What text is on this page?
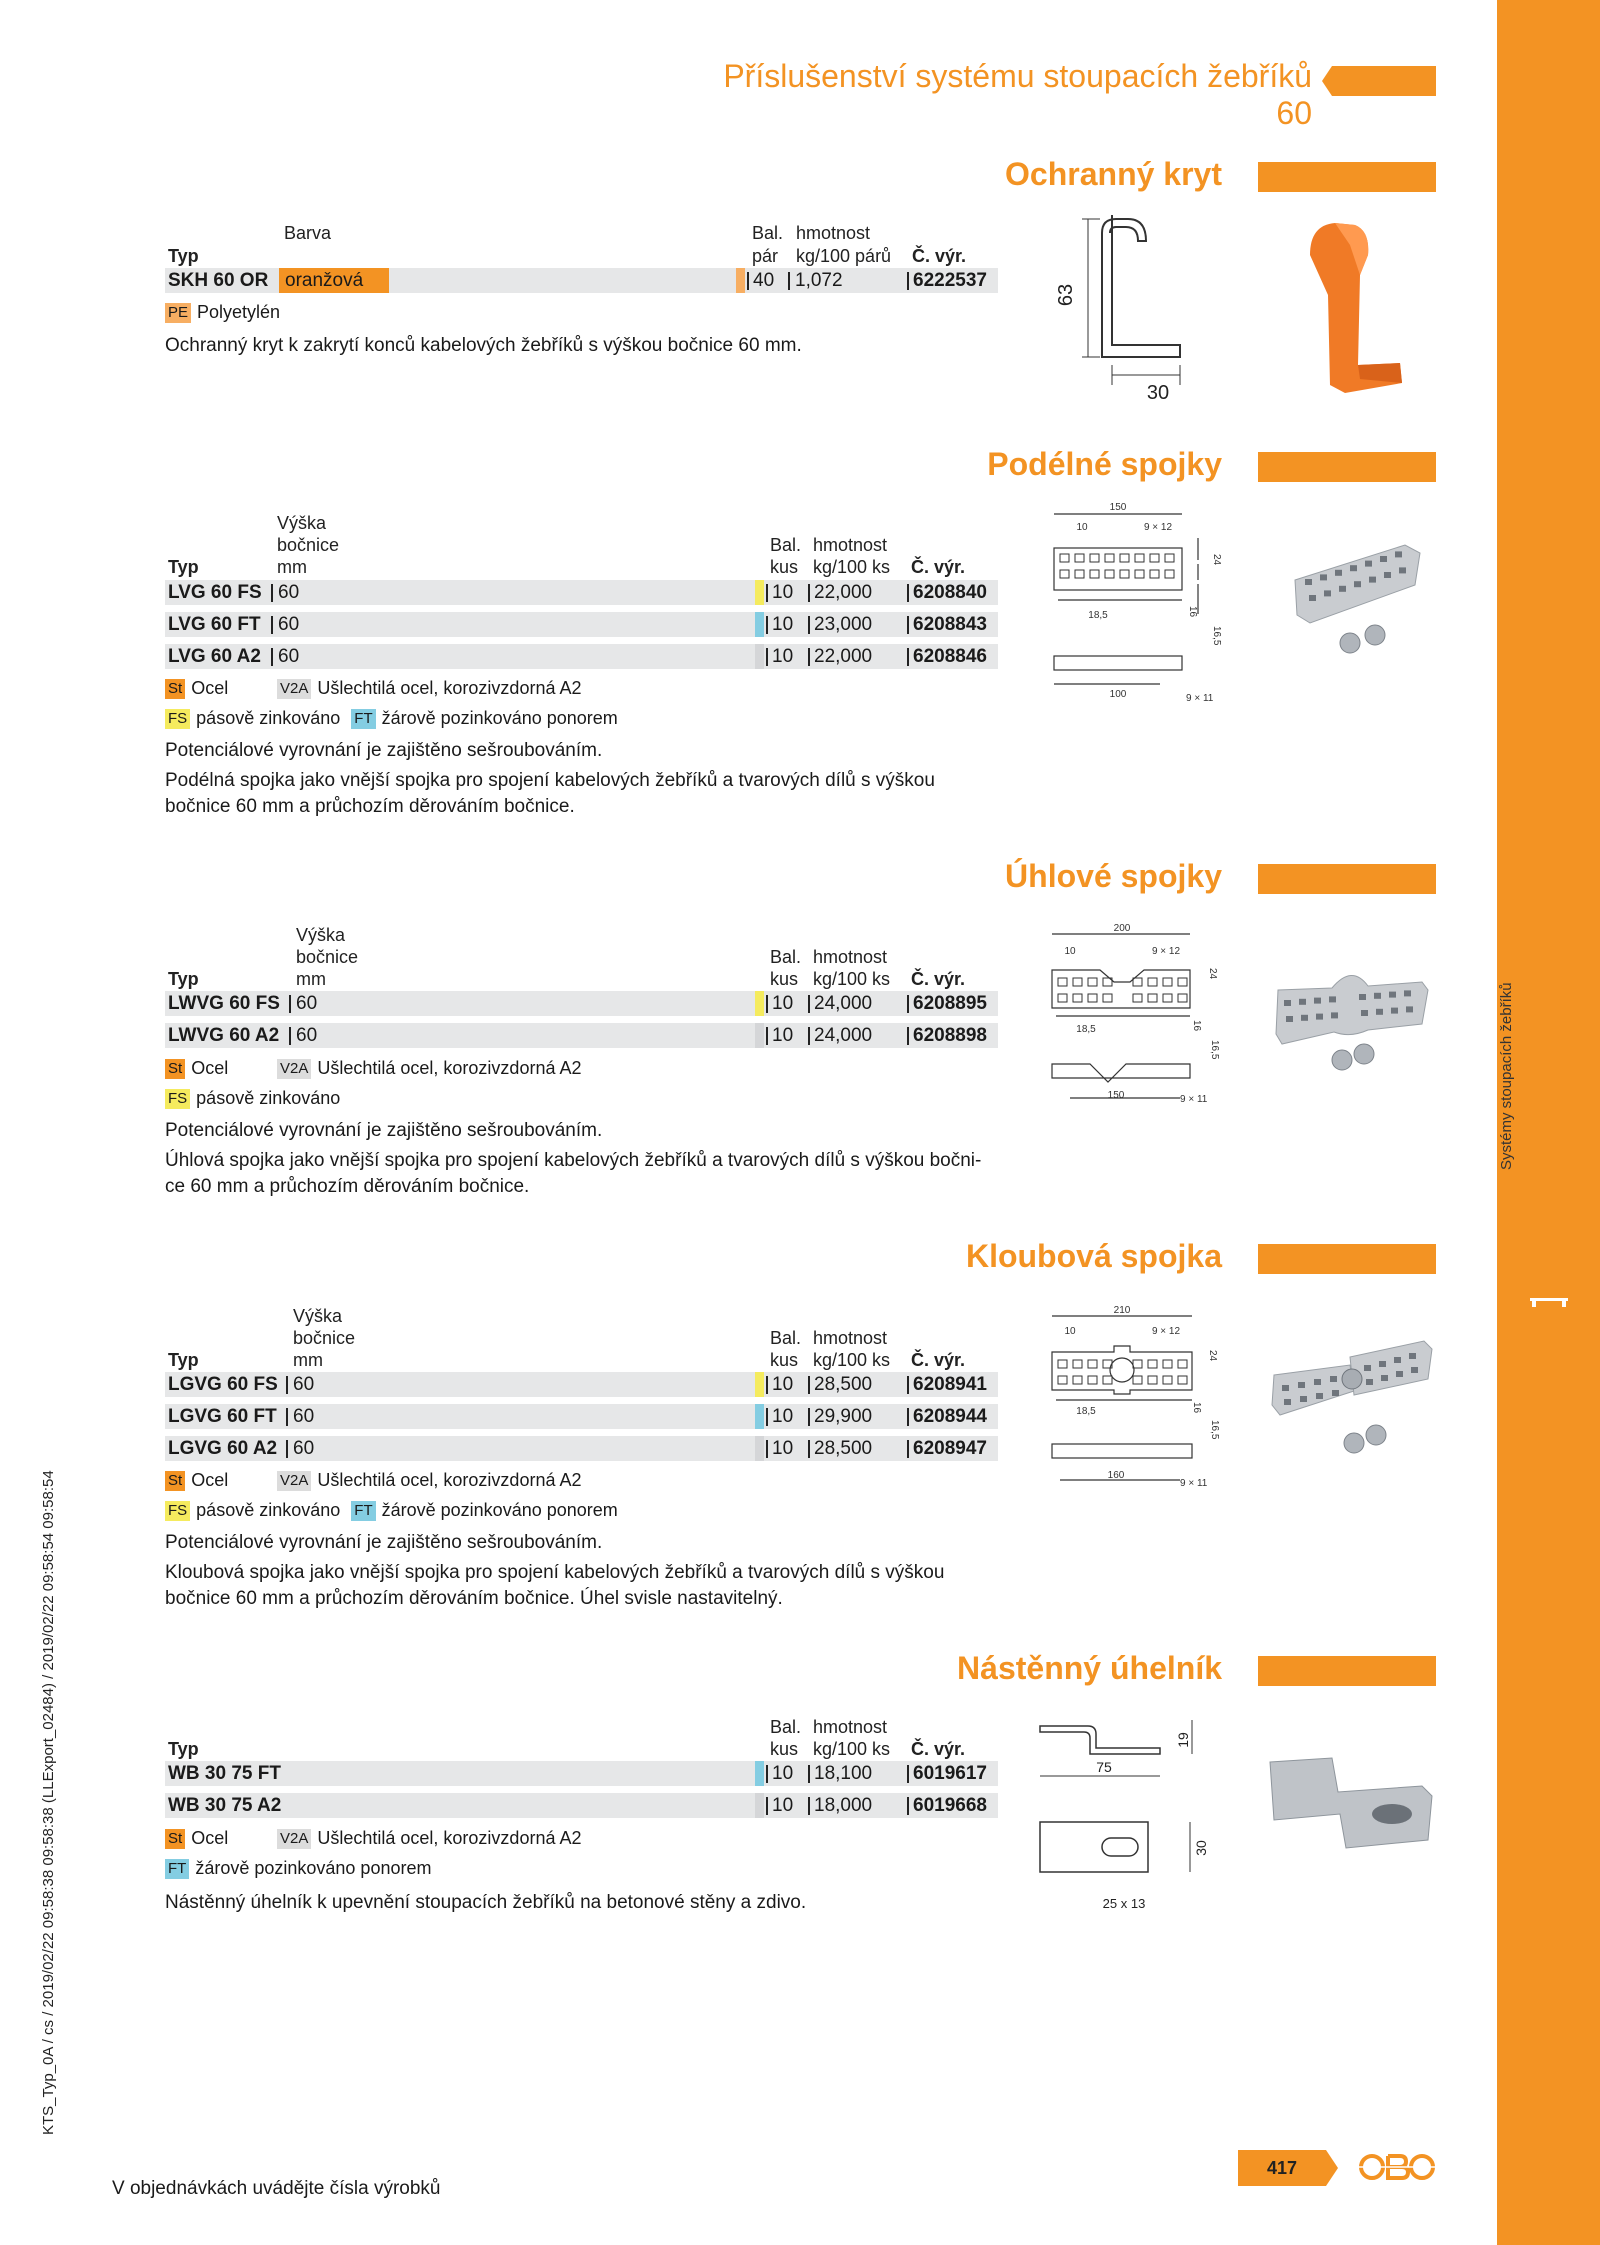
Systémy stoupacích žebříků
KTS_Typ_0A / cs / 2019/02/22 09:58:38 09:58:38 (LLExport_02484) / 2019/02/22 09:58:54 09:58:54
Příslušenství systému stoupacích žebříků 60
Ochranný kryt
Barva
Typ
Bal.
pár
hmotnost
kg/100 párů Č. výr.
SKH 60 OR oranžová	40 1,072	6222537
PE Polyetylén
Ochranný kryt k zakrytí konců kabelových žebříků s výškou bočnice 60 mm.
63
30
Podélné spojky
Výška
bočnice
mm
Typ
Bal.
kus
hmotnost
kg/100 ks Č. výr.
LVG 60 FS 60	10 22,000 6208840
LVG 60 FT 60	10 23,000 6208843
LVG 60 A2 60	10 22,000 6208846
St Ocel	V2A Ušlechtilá ocel, korozivzdorná A2
FS pásově zinkováno FT žárově pozinkováno ponorem
Potenciálové vyrovnání je zajištěno sešroubováním.
Podélná spojka jako vnější spojka pro spojení kabelových žebříků a tvarových dílů s výškou
bočnice 60 mm a průchozím děrováním bočnice.
150
10	9 × 12
24
18,5	16
16,5
100	9 × 11
Úhlové spojky
Výška
bočnice
mm
Typ
Bal.
kus
hmotnost
kg/100 ks Č. výr.
LWVG 60 FS 60	10 24,000 6208895
LWVG 60 A2 60	10 24,000 6208898
St Ocel	V2A Ušlechtilá ocel, korozivzdorná A2
FS pásově zinkováno
Potenciálové vyrovnání je zajištěno sešroubováním.
Úhlová spojka jako vnější spojka pro spojení kabelových žebříků a tvarových dílů s výškou bočni-
ce 60 mm a průchozím děrováním bočnice.
200
10	9 × 12
24
18,5	16
16,5
150	9 × 11
Kloubová spojka
Výška
bočnice
mm
Typ
Bal.
kus
hmotnost
kg/100 ks Č. výr.
LGVG 60 FS 60	10 28,500 6208941
LGVG 60 FT 60	10 29,900 6208944
LGVG 60 A2 60	10 28,500 6208947
St Ocel	V2A Ušlechtilá ocel, korozivzdorná A2
FS pásově zinkováno FT žárově pozinkováno ponorem
Potenciálové vyrovnání je zajištěno sešroubováním.
Kloubová spojka jako vnější spojka pro spojení kabelových žebříků a tvarových dílů s výškou
bočnice 60 mm a průchozím děrováním bočnice. Úhel svisle nastavitelný.
210
10	9 × 12
24
18,5	16
16,5
160
9 × 11
Nástěnný úhelník
Typ
Bal.
kus
hmotnost
kg/100 ks Č. výr.
WB 30 75 FT	10 18,100 6019617
WB 30 75 A2	10 18,000 6019668
St Ocel	V2A Ušlechtilá ocel, korozivzdorná A2
FT žárově pozinkováno ponorem
Nástěnný úhelník k upevnění stoupacích žebříků na betonové stěny a zdivo.
19
75
30
25 x 13
V objednávkách uvádějte čísla výrobků
417
